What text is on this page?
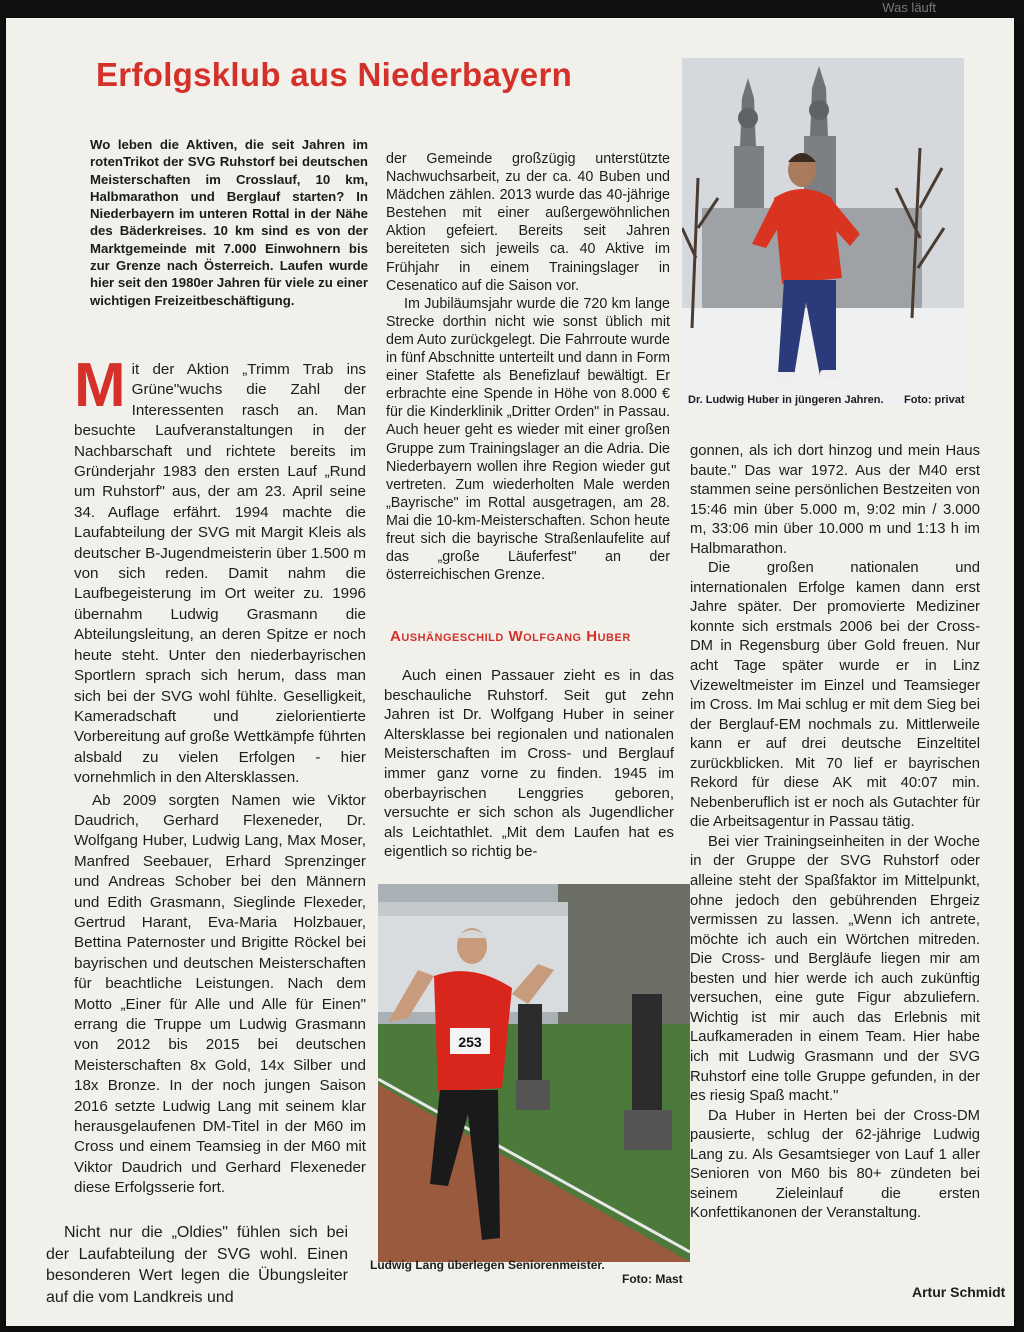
Was läuft
Erfolgsklub aus Niederbayern

Wo leben die Aktiven, die seit Jahren im rotenTrikot der SVG Ruhstorf bei deutschen Meisterschaften im Crosslauf, 10 km, Halbmarathon und Berglauf starten? In Niederbayern im unteren Rottal in der Nähe des Bäderkreises. 10 km sind es von der Marktgemeinde mit 7.000 Einwohnern bis zur Grenze nach Österreich. Laufen wurde hier seit den 1980er Jahren für viele zu einer wichtigen Freizeitbeschäftigung.

M it der Aktion „Trimm Trab ins Grüne"wuchs die Zahl der Interessenten rasch an. Man besuchte Laufveranstaltungen in der Nachbarschaft und richtete bereits im Gründerjahr 1983 den ersten Lauf „Rund um Ruhstorf" aus, der am 23. April seine 34. Auflage erfährt. 1994 machte die Laufabteilung der SVG mit Margit Kleis als deutscher B-Jugendmeisterin über 1.500 m von sich reden. Damit nahm die Laufbegeisterung im Ort weiter zu. 1996 übernahm Ludwig Grasmann die Abteilungsleitung, an deren Spitze er noch heute steht. Unter den niederbayrischen Sportlern sprach sich herum, dass man sich bei der SVG wohl fühlte. Geselligkeit, Kameradschaft und zielorientierte Vorbereitung auf große Wettkämpfe führten alsbald zu vielen Erfolgen - hier vornehmlich in den Altersklassen.

Ab 2009 sorgten Namen wie Viktor Daudrich, Gerhard Flexeneder, Dr. Wolfgang Huber, Ludwig Lang, Max Moser, Manfred Seebauer, Erhard Sprenzinger und Andreas Schober bei den Männern und Edith Grasmann, Sieglinde Flexeder, Gertrud Harant, Eva-Maria Holzbauer, Bettina Paternoster und Brigitte Röckel bei bayrischen und deutschen Meisterschaften für beachtliche Leistungen. Nach dem Motto „Einer für Alle und Alle für Einen" errang die Truppe um Ludwig Grasmann von 2012 bis 2015 bei deutschen Meisterschaften 8x Gold, 14x Silber und 18x Bronze. In der noch jungen Saison 2016 setzte Ludwig Lang mit seinem klar herausgelaufenen DM-Titel in der M60 im Cross und einem Teamsieg in der M60 mit Viktor Daudrich und Gerhard Flexeneder diese Erfolgsserie fort.

Nicht nur die „Oldies" fühlen sich bei der Laufabteilung der SVG wohl. Einen besonderen Wert legen die Übungsleiter auf die vom Landkreis und

der Gemeinde großzügig unterstützte Nachwuchsarbeit, zu der ca. 40 Buben und Mädchen zählen. 2013 wurde das 40-jährige Bestehen mit einer außergewöhnlichen Aktion gefeiert. Bereits seit Jahren bereiteten sich jeweils ca. 40 Aktive im Frühjahr in einem Trainingslager in Cesenatico auf die Saison vor.

Im Jubiläumsjahr wurde die 720 km lange Strecke dorthin nicht wie sonst üblich mit dem Auto zurückgelegt. Die Fahrroute wurde in fünf Abschnitte unterteilt und dann in Form einer Stafette als Benefizlauf bewältigt. Er erbrachte eine Spende in Höhe von 8.000 € für die Kinderklinik „Dritter Orden" in Passau. Auch heuer geht es wieder mit einer großen Gruppe zum Trainingslager an die Adria. Die Niederbayern wollen ihre Region wieder gut vertreten. Zum wiederholten Male werden „Bayrische" im Rottal ausgetragen, am 28. Mai die 10-km-Meisterschaften. Schon heute freut sich die bayrische Straßenlaufelite auf das „große Läuferfest" an der österreichischen Grenze.

Aushängeschild Wolfgang Huber

Auch einen Passauer zieht es in das beschauliche Ruhstorf. Seit gut zehn Jahren ist Dr. Wolfgang Huber in seiner Altersklasse bei regionalen und nationalen Meisterschaften im Cross- und Berglauf immer ganz vorne zu finden. 1945 im oberbayrischen Lenggries geboren, versuchte er sich schon als Jugendlicher als Leichtathlet. „Mit dem Laufen hat es eigentlich so richtig be-

gonnen, als ich dort hinzog und mein Haus baute." Das war 1972. Aus der M40 erst stammen seine persönlichen Bestzeiten von 15:46 min über 5.000 m, 9:02 min / 3.000 m, 33:06 min über 10.000 m und 1:13 h im Halbmarathon.

Die großen nationalen und internationalen Erfolge kamen dann erst Jahre später. Der promovierte Mediziner konnte sich erstmals 2006 bei der Cross-DM in Regensburg über Gold freuen. Nur acht Tage später wurde er in Linz Vizeweltmeister im Einzel und Teamsieger im Cross. Im Mai schlug er mit dem Sieg bei der Berglauf-EM nochmals zu. Mittlerweile kann er auf drei deutsche Einzeltitel zurückblicken. Mit 70 lief er bayrischen Rekord für diese AK mit 40:07 min. Nebenberuflich ist er noch als Gutachter für die Arbeitsagentur in Passau tätig.

Bei vier Trainingseinheiten in der Woche in der Gruppe der SVG Ruhstorf oder alleine steht der Spaßfaktor im Mittelpunkt, ohne jedoch den gebührenden Ehrgeiz vermissen zu lassen. „Wenn ich antrete, möchte ich auch ein Wörtchen mitreden. Die Cross- und Bergläufe liegen mir am besten und hier werde ich auch zukünftig versuchen, eine gute Figur abzuliefern. Wichtig ist mir auch das Erlebnis mit Laufkameraden in einem Team. Hier habe ich mit Ludwig Grasmann und der SVG Ruhstorf eine tolle Gruppe gefunden, in der es riesig Spaß macht."

Da Huber in Herten bei der Cross-DM pausierte, schlug der 62-jährige Ludwig Lang zu. Als Gesamtsieger von Lauf 1 aller Senioren von M60 bis 80+ zündeten bei seinem Zieleinlauf die ersten Konfettikanonen der Veranstaltung.

Dr. Ludwig Huber in jüngeren Jahren. Foto: privat
253
Ludwig Lang überlegen Seniorenmeister.
Foto: Mast
Artur Schmidt
